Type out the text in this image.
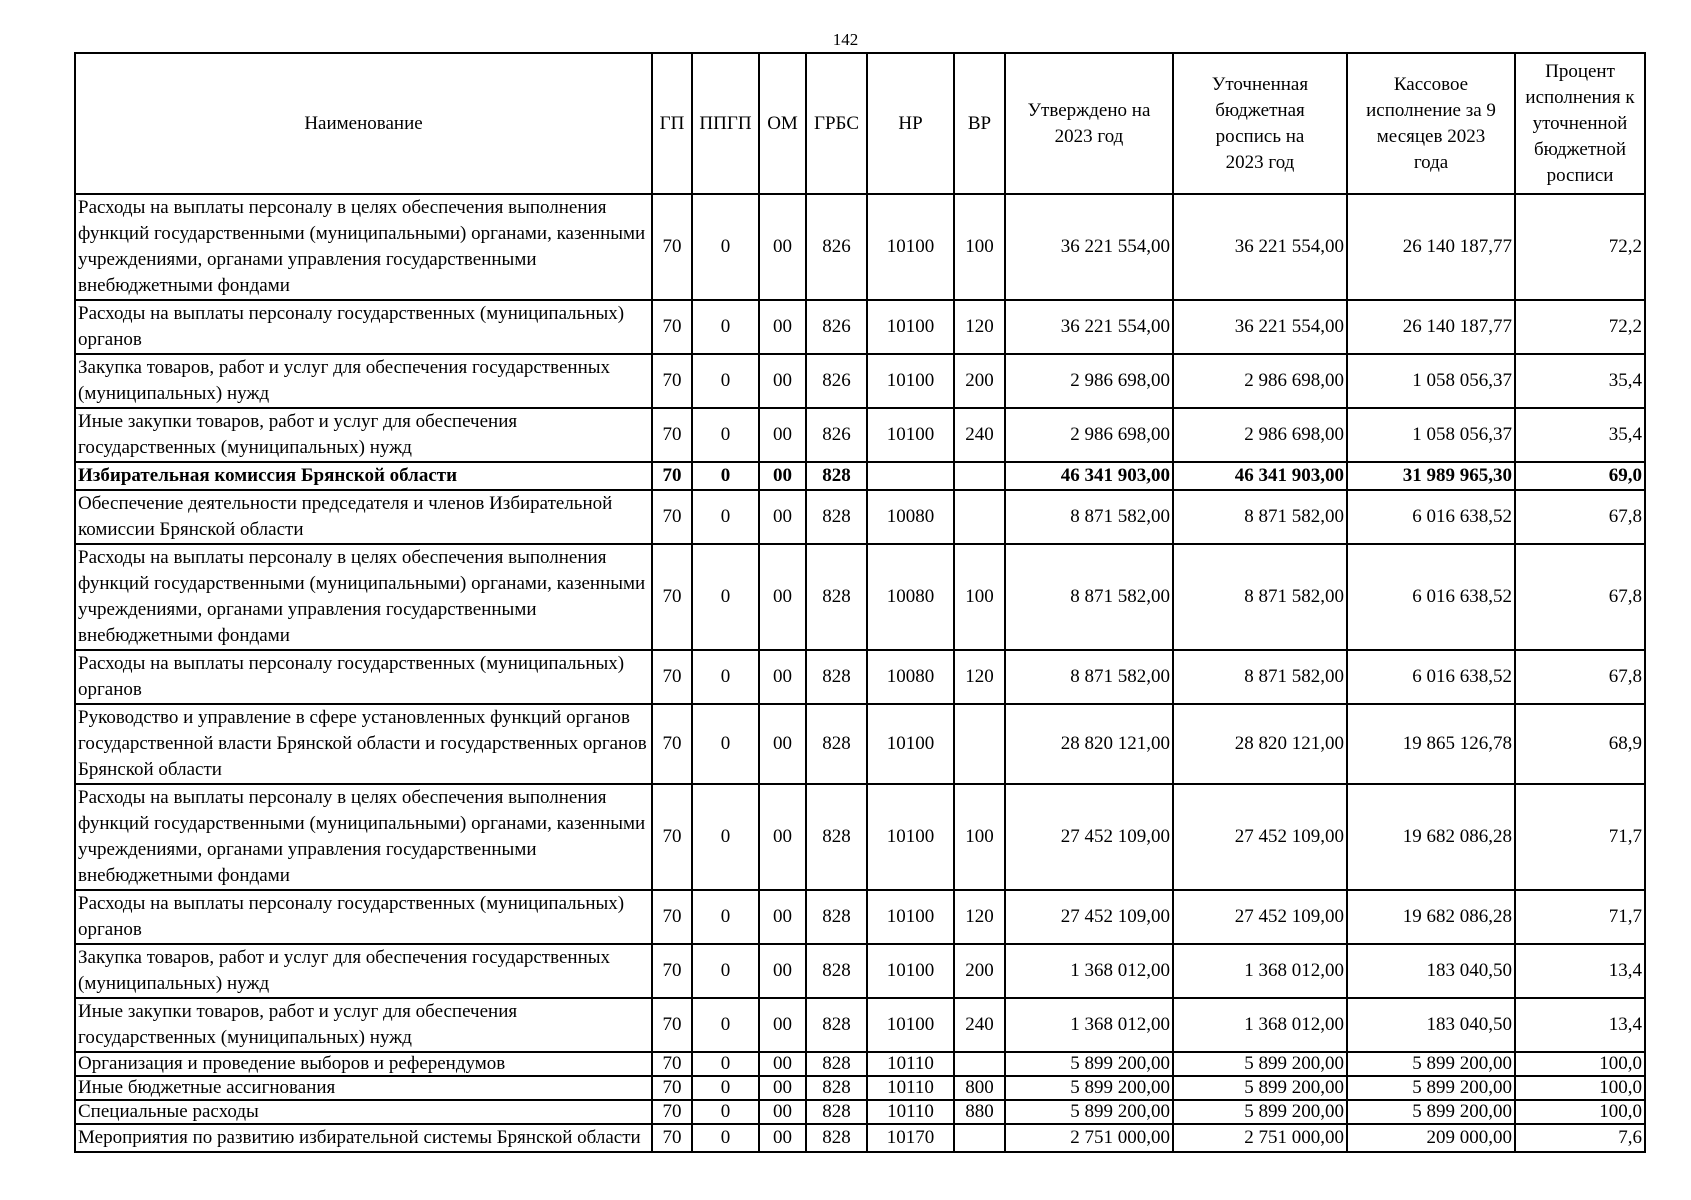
142
Наименование	ГП	ППГП	ОМ	ГРБС	НР	ВР	Утверждено на 2023 год	Уточненная бюджетная роспись на 2023 год	Кассовое исполнение за 9 месяцев 2023 года	Процент исполнения к уточненной бюджетной росписи
Расходы на выплаты персоналу в целях обеспечения выполнения функций государственными (муниципальными) органами, казенными учреждениями, органами управления государственными внебюджетными фондами	70	0	00	826	10100	100	36 221 554,00	36 221 554,00	26 140 187,77	72,2
Расходы на выплаты персоналу государственных (муниципальных) органов	70	0	00	826	10100	120	36 221 554,00	36 221 554,00	26 140 187,77	72,2
Закупка товаров, работ и услуг для обеспечения государственных (муниципальных) нужд	70	0	00	826	10100	200	2 986 698,00	2 986 698,00	1 058 056,37	35,4
Иные закупки товаров, работ и услуг для обеспечения государственных (муниципальных) нужд	70	0	00	826	10100	240	2 986 698,00	2 986 698,00	1 058 056,37	35,4
Избирательная комиссия Брянской области	70	0	00	828			46 341 903,00	46 341 903,00	31 989 965,30	69,0
Обеспечение деятельности председателя и членов Избирательной комиссии Брянской области	70	0	00	828	10080		8 871 582,00	8 871 582,00	6 016 638,52	67,8
Расходы на выплаты персоналу в целях обеспечения выполнения функций государственными (муниципальными) органами, казенными учреждениями, органами управления государственными внебюджетными фондами	70	0	00	828	10080	100	8 871 582,00	8 871 582,00	6 016 638,52	67,8
Расходы на выплаты персоналу государственных (муниципальных) органов	70	0	00	828	10080	120	8 871 582,00	8 871 582,00	6 016 638,52	67,8
Руководство и управление в сфере установленных функций органов государственной власти Брянской области и государственных органов Брянской области	70	0	00	828	10100		28 820 121,00	28 820 121,00	19 865 126,78	68,9
Расходы на выплаты персоналу в целях обеспечения выполнения функций государственными (муниципальными) органами, казенными учреждениями, органами управления государственными внебюджетными фондами	70	0	00	828	10100	100	27 452 109,00	27 452 109,00	19 682 086,28	71,7
Расходы на выплаты персоналу государственных (муниципальных) органов	70	0	00	828	10100	120	27 452 109,00	27 452 109,00	19 682 086,28	71,7
Закупка товаров, работ и услуг для обеспечения государственных (муниципальных) нужд	70	0	00	828	10100	200	1 368 012,00	1 368 012,00	183 040,50	13,4
Иные закупки товаров, работ и услуг для обеспечения государственных (муниципальных) нужд	70	0	00	828	10100	240	1 368 012,00	1 368 012,00	183 040,50	13,4
Организация и проведение выборов и референдумов	70	0	00	828	10110		5 899 200,00	5 899 200,00	5 899 200,00	100,0
Иные бюджетные ассигнования	70	0	00	828	10110	800	5 899 200,00	5 899 200,00	5 899 200,00	100,0
Специальные расходы	70	0	00	828	10110	880	5 899 200,00	5 899 200,00	5 899 200,00	100,0
Мероприятия по развитию избирательной системы Брянской области	70	0	00	828	10170		2 751 000,00	2 751 000,00	209 000,00	7,6
